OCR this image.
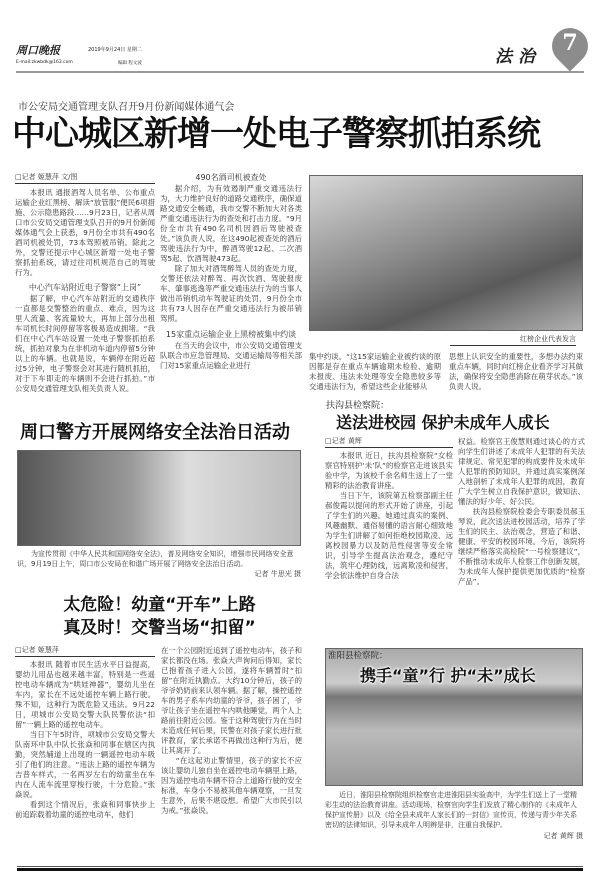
周口晚报	2019年9月24日 星期二
E-mail:zkwbdk@163.com	编辑 程文波	法治
7
市公安局交通管理支队召开9月份新闻媒体通气会
中心城区新增一处电子警察抓拍系统
□记者 姬慧萍 文/图

本报讯 通报酒驾人员名单、公布重点运输企业红黑榜、解读“放管服”便民6项措施、公示隐患路段……9月23日，记者从周口市公安局交通管理支队召开的9月份新闻媒体通气会上获悉，9月份全市共有490名酒司机被处罚，73本驾照被吊销。除此之外，交警还提示中心城区新增一处电子警察抓拍系统，请过往司机规范自己的驾驶行为。

中心汽车站附近电子警察“上岗”

据了解，中心汽车站附近的交通秩序一直都是交警整治的重点、难点，因为这里人流量、客流量较大，再加上部分出租车司机长时间停留等客极易造成拥堵。“我们在中心汽车站设置一处电子警察抓拍系统，抓拍对象为在非机动车道内停留5分钟以上的车辆。也就是说，车辆停在附近超过5分钟，电子警察会对其进行随机抓拍，对于下车即走的车辆则不会进行抓拍。”市公安局交通管理支队相关负责人说。

490名酒司机被查处

据介绍，为有效遏制严重交通违法行为，大力维护良好的道路交通秩序，确保道路交通安全畅通，我市交警不断加大对各类严重交通违法行为的查处和打击力度。“9月份全市共有490名司机因酒后驾驶被查处。”该负责人说，在这490起被查处的酒后驾驶违法行为中，醉酒驾驶12起、二次酒驾5起、饮酒驾驶473起。

除了加大对酒驾醉驾人员的查处力度，交警还依法对醉驾、再次饮酒、驾驶报废车、肇事逃逸等严重交通违法行为的当事人做出吊销机动车驾驶证的处罚，9月份全市共有73人因存在严重交通违法行为被吊销驾照。

15家重点运输企业上黑榜被集中约谈

在当天的会议中，市公安局交通管理支队联合市应急管理局、交通运输局等相关部门对15家重点运输企业进行

红榜企业代表发言

集中约谈。“这15家运输企业被约谈的原因都是存在重点车辆逾期未检验、逾期未报废、违法未处理等安全隐患较多等交通违法行为，希望这些企业能够从

思想上认识安全的重要性，多想办法约束重点车辆，同时向红榜企业看齐学习其做法，确保将安全隐患消除在萌芽状态。”该负责人说。

周口警方开展网络安全法治日活动

为宣传贯彻《中华人民共和国网络安全法》，普及网络安全知识，增强市民网络安全意识，9月19日上午，周口市公安局在和谐广场开展了网络安全法治日活动。

记者 牛思光 摄

扶沟县检察院：
送法进校园 保护未成年人成长
□记者 黄辉

本报讯 近日，扶沟县检察院“女检察官特别护‘未’队”的检察官走进该县实验中学，为该校千余名师生送上了一堂精彩的法治教育讲座。

当日下午，该院第五检察部副主任郝俊霞以提问的形式开始了讲座，引起了学生们的兴趣。她通过真实的案例、风趣幽默、通俗易懂的语言耐心细致地为学生们讲解了如何拒绝校园欺凌、远离校园暴力以及防范性侵害等安全常识，引导学生提高法治观念，遵纪守法，筑牢心理防线，远离欺凌和侵害，学会依法维护自身合法

权益。检察官王俊慧则通过谈心的方式向学生们讲述了未成年人犯罪的有关法律规定、常见犯罪的构成要件及未成年人犯罪的预防知识，并通过真实案例深入地剖析了未成年人犯罪的成因，教育广大学生树立自我保护意识，做知法、懂法的好少年、好公民。

扶沟县检察院检委会专职委员郝玉琴说，此次送法进校园活动，培养了学生们的民主、法治观念，营造了和谐、健康、平安的校园环境。今后，该院将继续严格落实高检院“一号检察建议”，不断推动未成年人检察工作创新发展，为未成年人保护提供更加优质的“检察产品”。

太危险！幼童“开车”上路
真及时！交警当场“扣留”
□记者 姬慧萍

本报讯 随着市民生活水平日益提高，婴幼儿用品也越来越丰富，特别是一些遥控电动车辆成为“哄娃神器”，婴幼儿坐在车内，家长在不远处遥控车辆上路行驶。殊不知，这种行为既危险又违法。9月22日，项城市公安局交警大队民警依法“扣留”一辆上路的遥控电动车。

当日下午5时许，项城市公安局交警大队南环中队中队长张焱和同事在辖区内执勤，突然辅道上出现的一辆遥控电动车吸引了他们的注意。“违法上路的遥控车辆为吉普车样式，一名两岁左右的幼童坐在车内在人流车流里穿梭行驶，十分危险。”张焱说。

看到这个情况后，张焱和同事快步上前追踪载着幼童的遥控电动车，他们

在一个公园附近追到了遥控电动车，孩子和家长都没在场。张焱大声询问后得知，家长已抱着孩子进入公园，遂将车辆暂时“扣留”在附近执勤点。大约10分钟后，孩子的爷爷奶奶前来认领车辆。据了解，操控遥控车的男子系车内幼童的爷爷，孩子困了，爷爷让孩子坐在遥控车内哄他睡觉，两个人上路前往附近公园。鉴于这种驾驶行为在当时未造成任何后果，民警在对孩子家长进行批评教育，家长承诺不再做出这种行为后，便让其离开了。

“在这起劝止警情里，孩子的家长不应该让婴幼儿独自坐在遥控电动车辆里上路，因为遥控电动车辆不符合上道路行驶的安全标准，车身小不易被其他车辆观察，一旦发生意外，后果不堪设想。希望广大市民引以为戒。”张焱说。

淮阳县检察院：
携手“童”行 护“未”成长

近日，淮阳县检察院组织检察官走进淮阳县实验高中，为学生们送上了一堂精彩生动的法治教育讲座。活动现场，检察官向学生们发放了精心制作的《未成年人保护宣传册》以及《给全县未成年人家长们的一封信》宣传页，传递与青少年关系密切的法律知识，引导未成年人明辨是非，注重自我保护。

记者 黄辉 摄
